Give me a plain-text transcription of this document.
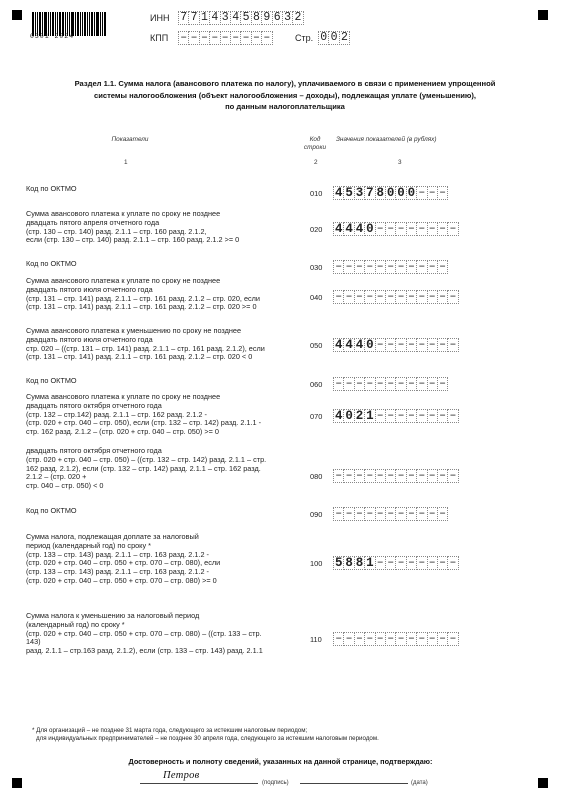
0301 2024
ИНН 7 7 1 4 3 4 5 8 9 6 3 2
КПП – – – – – – – – –	Стр. 0 0 2
Раздел 1.1. Сумма налога (авансового платежа по налогу), уплачиваемого в связи с применением упрощенной
системы налогообложения (объект налогообложения – доходы), подлежащая уплате (уменьшению),
по данным налогоплательщика
Показатели	Код
строки
Значения показателей (в рублях)
1	2	3
Код по ОКТМО
010 4 5 3 7 8 0 0 0 – – –
Сумма авансового платежа к уплате по сроку не позднее
двадцать пятого апреля отчетного года
(стр. 130 – стр. 140) разд. 2.1.1 – стр. 160 разд. 2.1.2,
если (стр. 130 – стр. 140) разд. 2.1.1 – стр. 160 разд. 2.1.2 >= 0
020 4 4 4 0 – – – – – – – –
Код по ОКТМО	030 – – – – – – – – – – –
Сумма авансового платежа к уплате по сроку не позднее
двадцать пятого июля отчетного года
(стр. 131 – стр. 141) разд. 2.1.1 – стр. 161 разд. 2.1.2 – стр. 020, если
(стр. 131 – стр. 141) разд. 2.1.1 – стр. 161 разд. 2.1.2 – стр. 020 >= 0
040 – – – – – – – – – – – –
Сумма авансового платежа к уменьшению по сроку не позднее
двадцать пятого июля отчетного года
стр. 020 – ((стр. 131 – стр. 141) разд. 2.1.1 – стр. 161 разд. 2.1.2), если
(стр. 131 – стр. 141) разд. 2.1.1 – стр. 161 разд. 2.1.2 – стр. 020 < 0
050 4 4 4 0 – – – – – – – –
Код по ОКТМО	060 – – – – – – – – – – –
Сумма авансового платежа к уплате по сроку не позднее
двадцать пятого октября отчетного года
(стр. 132 – стр.142) разд. 2.1.1 – стр. 162 разд. 2.1.2 -
(стр. 020 + стр. 040 – стр. 050), если (стр. 132 – стр. 142) разд. 2.1.1 -
стр. 162 разд. 2.1.2 – (стр. 020 + стр. 040 – стр. 050) >= 0
070 4 0 2 1 – – – – – – – –
двадцать пятого октября отчетного года
(стр. 020 + стр. 040 – стр. 050) – ((стр. 132 – стр. 142) разд. 2.1.1 – стр.
162 разд. 2.1.2), если (стр. 132 – стр. 142) разд. 2.1.1 – стр. 162 разд.
2.1.2 – (стр. 020 +
стр. 040 – стр. 050) < 0
080 – – – – – – – – – – – –
Код по ОКТМО	090 – – – – – – – – – – –
Сумма налога, подлежащая доплате за налоговый
период (календарный год) по сроку *
(стр. 133 – стр. 143) разд. 2.1.1 – стр. 163 разд. 2.1.2 -
(стр. 020 + стр. 040 – стр. 050 + стр. 070 – стр. 080), если
(стр. 133 – стр. 143) разд. 2.1.1 – стр. 163 разд. 2.1.2 -
(стр. 020 + стр. 040 – стр. 050 + стр. 070 – стр. 080) >= 0
100 5 8 8 1 – – – – – – – –
Сумма налога к уменьшению за налоговый период
(календарный год) по сроку *
(стр. 020 + стр. 040 – стр. 050 + стр. 070 – стр. 080) – ((стр. 133 – стр.
143)
разд. 2.1.1 – стр.163 разд. 2.1.2), если (стр. 133 – стр. 143) разд. 2.1.1
110 – – – – – – – – – – – –
* Для организаций – не позднее 31 марта года, следующего за истекшим налоговым периодом;
для индивидуальных предпринимателей – не позднее 30 апреля года, следующего за истекшим налоговым периодом.
Достоверность и полноту сведений, указанных на данной странице, подтверждаю:
Петров
(подпись)	(дата)
